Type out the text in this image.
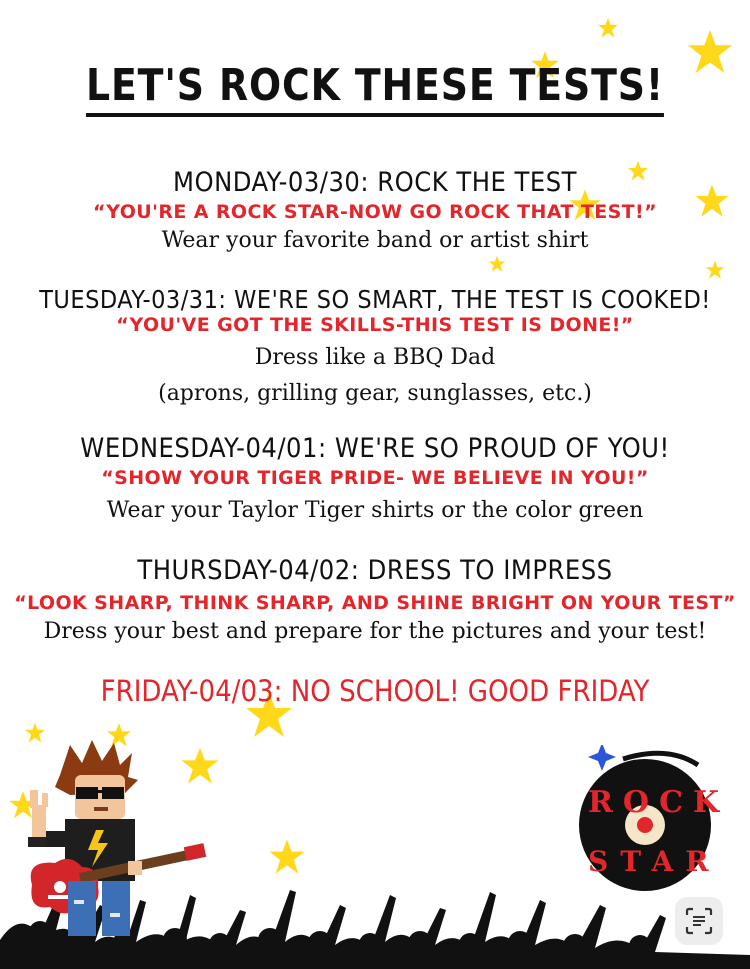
LET'S ROCK THESE TESTS!
MONDAY-03/30: ROCK THE TEST
“YOU'RE A ROCK STAR-NOW GO ROCK THAT TEST!”
Wear your favorite band or artist shirt
TUESDAY-03/31: WE'RE SO SMART, THE TEST IS COOKED!
“YOU'VE GOT THE SKILLS-THIS TEST IS DONE!”
Dress like a BBQ Dad
(aprons, grilling gear, sunglasses, etc.)
WEDNESDAY-04/01: WE'RE SO PROUD OF YOU!
“SHOW YOUR TIGER PRIDE- WE BELIEVE IN YOU!”
Wear your Taylor Tiger shirts or the color green
THURSDAY-04/02: DRESS TO IMPRESS
“LOOK SHARP, THINK SHARP, AND SHINE BRIGHT ON YOUR TEST”
Dress your best and prepare for the pictures and your test!
FRIDAY-04/03: NO SCHOOL! GOOD FRIDAY
ROCK
STAR
